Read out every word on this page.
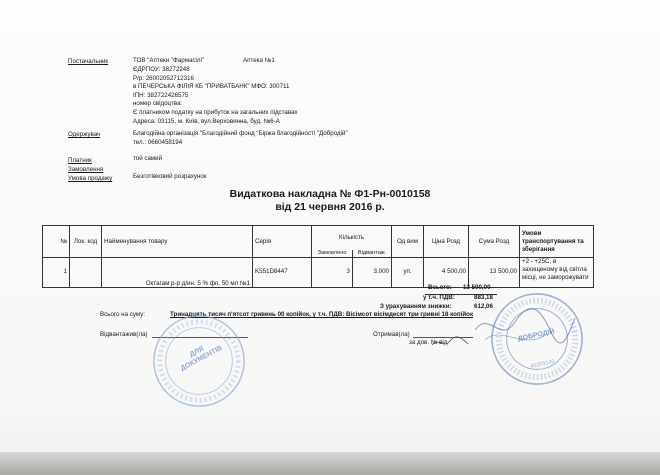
Постачальник	ТОВ "Аптеки "Фармасілі"	Аптека №1
ЄДРПОУ: 38272248
Р/р: 26002052712316
в ПЕЧЕРСЬКА ФІЛІЯ КБ "ПРИВАТБАНК" МФО: 300711
ІПН: 382722426575
номер свідоцтва:
Є платником податку на прибуток на загальних підставах
Адреса: 03115, м. Київ, вул.Верховинна, буд. №6-А
Одержувач	Благодійна організація "Благодійний фонд "Біржа благодійності "Добродій"
тел.: 0660458194
Платник	той самий
Замовлення
Умова продажу	Безготівковий розрахунок
Видаткова накладна № Ф1-Рн-0010158
від 21 червня 2016 р.
№	Лок. код	Найменування товару	Серія	Кількість		Од вим	Ціна Розд	Сума Розд	Умови транспортування та зберігання
				Замовлено	Відвантаж.				
1		Октагам р-р д/ин. 5 % фл. 50 мл №1	K551D8447	3	3,000	уп.	4 500,00	13 500,00	+2 - +25С, в захищеному від світла місці, не заморожувати
Всього: 13 500,00
у т.ч. ПДВ:	883,18
З урахуванням знижки:	612,06
Всього на суму:	Тринадцять тисяч п'ятсот гривень 00 копійок, у т.ч. ПДВ: Вісімсот вісімдесят три гривні 18 копійок
Відвантажив(ла)	Отримав(ла)
за дов. № від
ДЛЯ ДОКУМЕНТІВ
ДОБРОДІЙ
40209149
